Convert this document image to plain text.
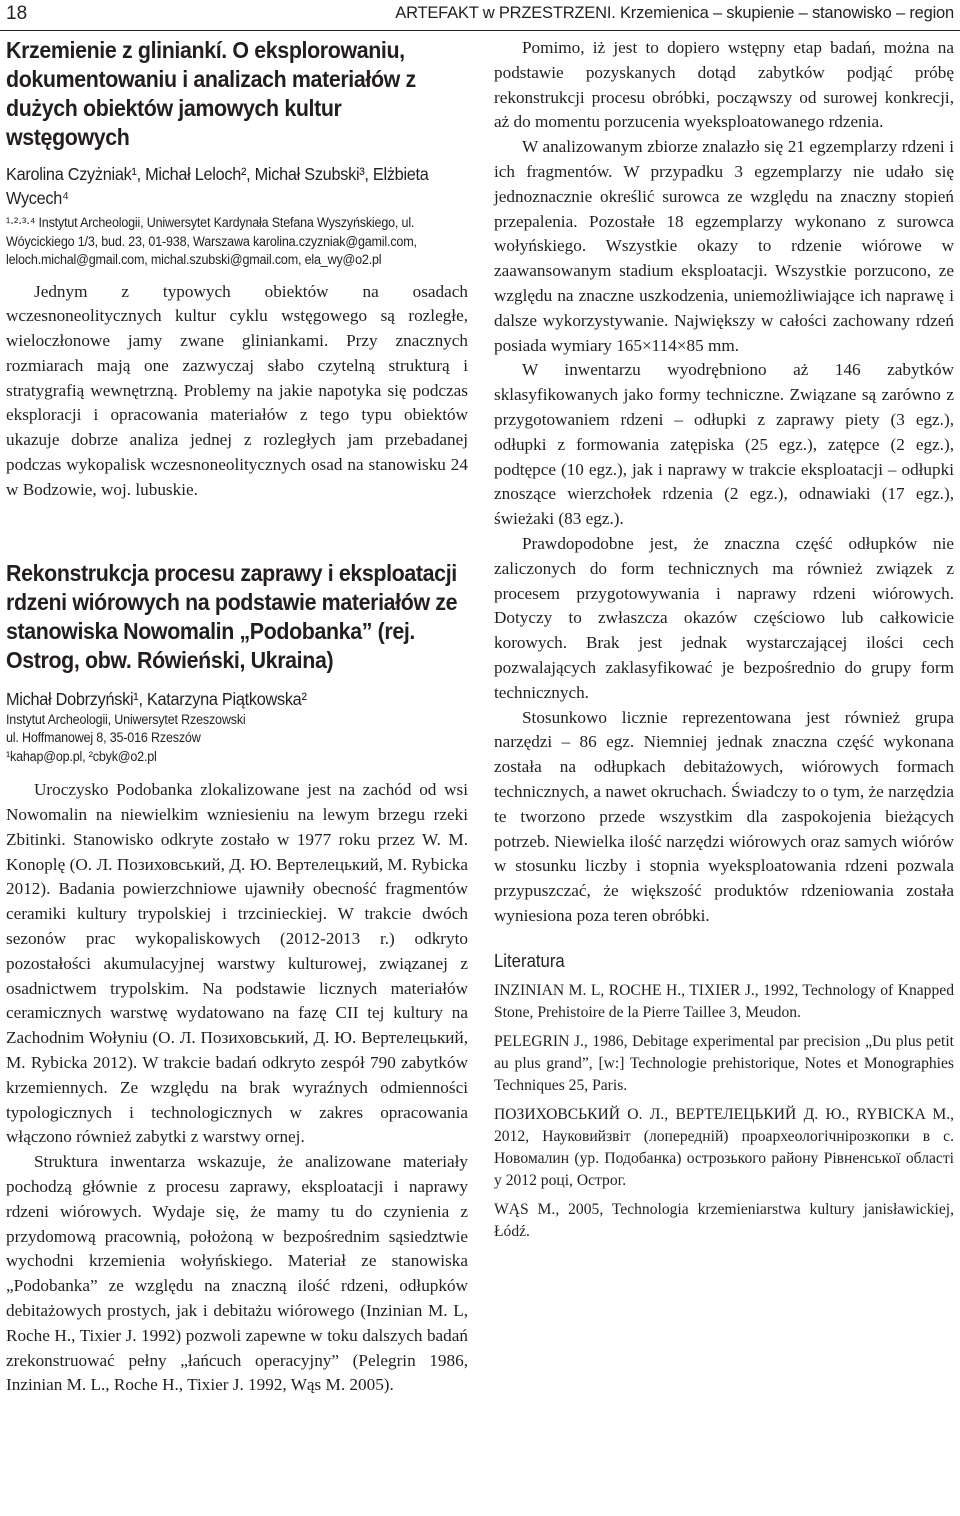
18	ARTEFAKT w PRZESTRZENI. Krzemienica – skupienie – stanowisko – region
Krzemienie z gliniankí. O eksplorowaniu, dokumentowaniu i analizach materiałów z dużych obiektów jamowych kultur wstęgowych
Karolina Czyżniak¹, Michał Leloch², Michał Szubski³, Elżbieta Wycech⁴
¹·²·³·⁴ Instytut Archeologii, Uniwersytet Kardynała Stefana Wyszyńskiego, ul. Wóycickiego 1/3, bud. 23, 01-938, Warszawa karolina.czyzniak@gamil.com, leloch.michal@gmail.com, michal.szubski@gmail.com, ela_wy@o2.pl

Jednym z typowych obiektów na osadach wczesnoneolitycznych kultur cyklu wstęgowego są rozległe, wieloczłonowe jamy zwane gliniankami. Przy znacznych rozmiarach mają one zazwyczaj słabo czytelną strukturą i stratygrafią wewnętrzną. Problemy na jakie napotyka się podczas eksploracji i opracowania materiałów z tego typu obiektów ukazuje dobrze analiza jednej z rozległych jam przebadanej podczas wykopalisk wczesnoneolitycznych osad na stanowisku 24 w Bodzowie, woj. lubuskie.

Rekonstrukcja procesu zaprawy i eksploatacji rdzeni wiórowych na podstawie materiałów ze stanowiska Nowomalin „Podobanka” (rej. Ostrog, obw. Rówieński, Ukraina)
Michał Dobrzyński¹, Katarzyna Piątkowska²
Instytut Archeologii, Uniwersytet Rzeszowski
ul. Hoffmanowej 8, 35-016 Rzeszów
¹kahap@op.pl, ²cbyk@o2.pl

Uroczysko Podobanka zlokalizowane jest na zachód od wsi Nowomalin na niewielkim wzniesieniu na lewym brzegu rzeki Zbitinki. Stanowisko odkryte zostało w 1977 roku przez W. M. Konoplę (О. Л. Позиховський, Д. Ю. Вертелецький, M. Rybicka 2012). Badania powierzchniowe ujawniły obecność fragmentów ceramiki kultury trypolskiej i trzcinieckiej. W trakcie dwóch sezonów prac wykopaliskowych (2012-2013 r.) odkryto pozostałości akumulacyjnej warstwy kulturowej, związanej z osadnictwem trypolskim. Na podstawie licznych materiałów ceramicznych warstwę wydatowano na fazę CII tej kultury na Zachodnim Wołyniu (О. Л. Позиховський, Д. Ю. Вертелецький, M. Rybicka 2012). W trakcie badań odkryto zespół 790 zabytków krzemiennych. Ze względu na brak wyraźnych odmienności typologicznych i technologicznych w zakres opracowania włączono również zabytki z warstwy ornej.

Struktura inwentarza wskazuje, że analizowane materiały pochodzą głównie z procesu zaprawy, eksploatacji i naprawy rdzeni wiórowych. Wydaje się, że mamy tu do czynienia z przydomową pracownią, położoną w bezpośrednim sąsiedztwie wychodni krzemienia wołyńskiego. Materiał ze stanowiska „Podobanka” ze względu na znaczną ilość rdzeni, odłupków debitażowych prostych, jak i debitażu wiórowego (Inzinian M. L, Roche H., Tixier J. 1992) pozwoli zapewne w toku dalszych badań zrekonstruować pełny „łańcuch operacyjny” (Pelegrin 1986, Inzinian M. L., Roche H., Tixier J. 1992, Wąs M. 2005).

Pomimo, iż jest to dopiero wstępny etap badań, można na podstawie pozyskanych dotąd zabytków podjąć próbę rekonstrukcji procesu obróbki, począwszy od surowej konkrecji, aż do momentu porzucenia wyeksploatowanego rdzenia.

W analizowanym zbiorze znalazło się 21 egzemplarzy rdzeni i ich fragmentów. W przypadku 3 egzemplarzy nie udało się jednoznacznie określić surowca ze względu na znaczny stopień przepalenia. Pozostałe 18 egzemplarzy wykonano z surowca wołyńskiego. Wszystkie okazy to rdzenie wiórowe w zaawansowanym stadium eksploatacji. Wszystkie porzucono, ze względu na znaczne uszkodzenia, uniemożliwiające ich naprawę i dalsze wykorzystywanie. Największy w całości zachowany rdzeń posiada wymiary 165×114×85 mm.

W inwentarzu wyodrębniono aż 146 zabytków sklasyfikowanych jako formy techniczne. Związane są zarówno z przygotowaniem rdzeni – odłupki z zaprawy piety (3 egz.), odłupki z formowania zatępiska (25 egz.), zatępce (2 egz.), podtępce (10 egz.), jak i naprawy w trakcie eksploatacji – odłupki znoszące wierzchołek rdzenia (2 egz.), odnawiaki (17 egz.), świeżaki (83 egz.).

Prawdopodobne jest, że znaczna część odłupków nie zaliczonych do form technicznych ma również związek z procesem przygotowywania i naprawy rdzeni wiórowych. Dotyczy to zwłaszcza okazów częściowo lub całkowicie korowych. Brak jest jednak wystarczającej ilości cech pozwalających zaklasyfikować je bezpośrednio do grupy form technicznych.

Stosunkowo licznie reprezentowana jest również grupa narzędzi – 86 egz. Niemniej jednak znaczna część wykonana została na odłupkach debitażowych, wiórowych formach technicznych, a nawet okruchach. Świadczy to o tym, że narzędzia te tworzono przede wszystkim dla zaspokojenia bieżących potrzeb. Niewielka ilość narzędzi wiórowych oraz samych wiórów w stosunku liczby i stopnia wyeksploatowania rdzeni pozwala przypuszczać, że większość produktów rdzeniowania została wyniesiona poza teren obróbki.

Literatura

INZINIAN M. L, ROCHE H., TIXIER J., 1992, Technology of Knapped Stone, Prehistoire de la Pierre Taillee 3, Meudon.

PELEGRIN J., 1986, Debitage experimental par precision „Du plus petit au plus grand”, [w:] Technologie prehistorique, Notes et Monographies Techniques 25, Paris.

ПОЗИХОВСЬКИЙ О. Л., ВЕРТЕЛЕЦЬКИЙ Д. Ю., RYBICKA M., 2012, Науковийзвіт (лопередній) проархеологічнірозкопки в с. Новомалин (ур. Подобанка) острозького району Рівненської області у 2012 році, Острог.

WĄS M., 2005, Technologia krzemieniarstwa kultury janisławickiej, Łódź.
